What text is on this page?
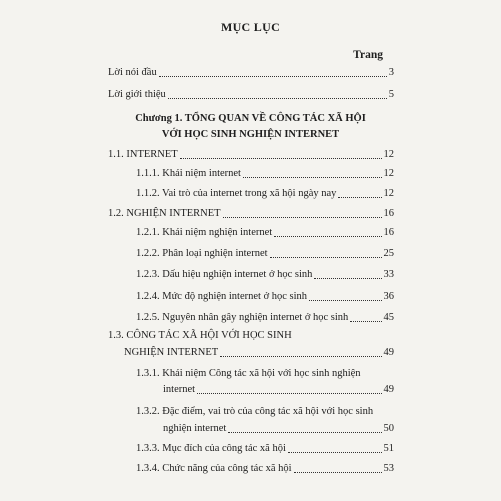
MỤC LỤC
Trang
Lời nói đầu	3
Lời giới thiệu	5
Chương 1. TỔNG QUAN VỀ CÔNG TÁC XÃ HỘI
VỚI HỌC SINH NGHIỆN INTERNET
1.1. INTERNET	12
1.1.1. Khái niệm internet	12
1.1.2. Vai trò của internet trong xã hội ngày nay	12
1.2. NGHIỆN INTERNET	16
1.2.1. Khái niệm nghiện internet	16
1.2.2. Phân loại nghiện internet	25
1.2.3. Dấu hiệu nghiện internet ở học sinh	33
1.2.4. Mức độ nghiện internet ở học sinh	36
1.2.5. Nguyên nhân gây nghiện internet ở học sinh	45
1.3. CÔNG TÁC XÃ HỘI VỚI HỌC SINH
NGHIỆN INTERNET	49
1.3.1. Khái niệm Công tác xã hội với học sinh nghiện
internet	49
1.3.2. Đặc điểm, vai trò của công tác xã hội với học sinh
nghiện internet	50
1.3.3. Mục đích của công tác xã hội	51
1.3.4. Chức năng của công tác xã hội	53
